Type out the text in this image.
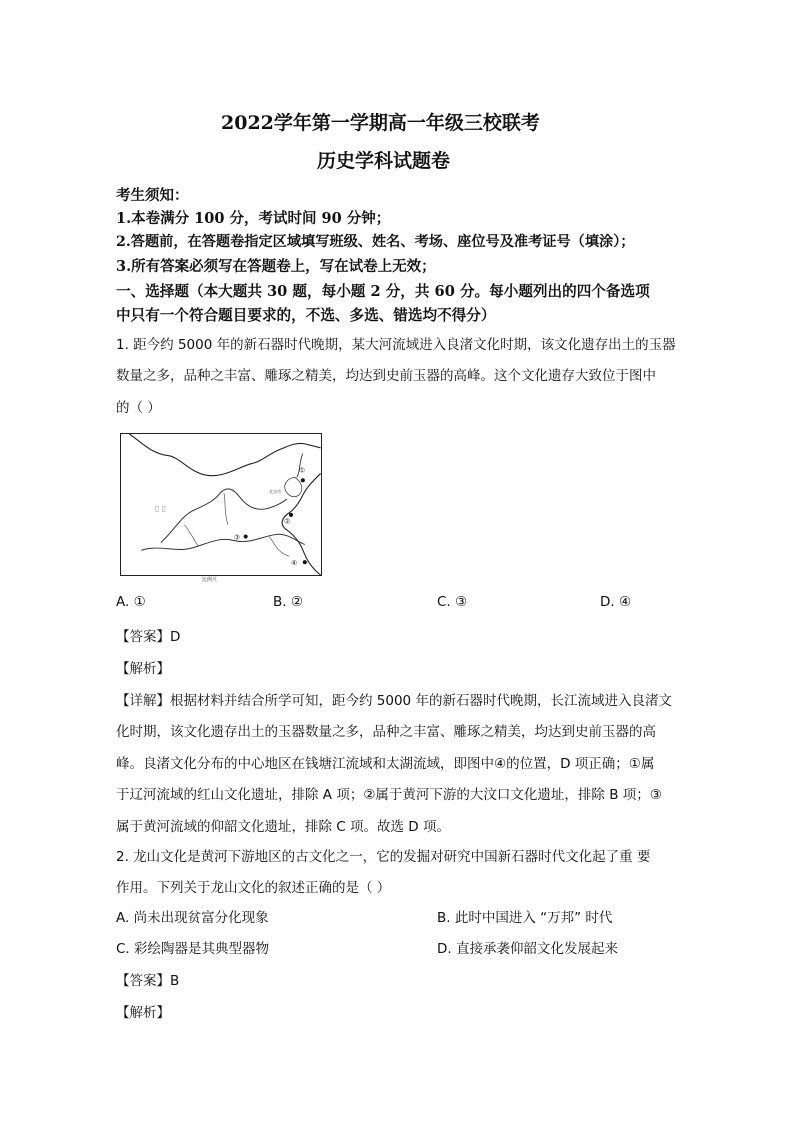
2022学年第一学期高一年级三校联考
历史学科试题卷
考生须知：
1.本卷满分 100 分，考试时间 90 分钟；
2.答题前，在答题卷指定区域填写班级、姓名、考场、座位号及准考证号（填涂）；
3.所有答案必须写在答题卷上，写在试卷上无效；
一、选择题（本大题共 30 题，每小题 2 分，共 60 分。每小题列出的四个备选项
中只有一个符合题目要求的，不选、多选、错选均不得分）
1. 距今约 5000 年的新石器时代晚期，某大河流域进入良渚文化时期，该文化遗存出土的玉器
数量之多，品种之丰富、雕琢之精美，均达到史前玉器的高峰。这个文化遗存大致位于图中
的（ ）
▯ ▯
北京市
①
②
③
④
比例尺
A. ①	B. ②	C. ③	D. ④
【答案】D
【解析】
【详解】根据材料并结合所学可知，距今约 5000 年的新石器时代晚期，长江流域进入良渚文
化时期，该文化遗存出土的玉器数量之多，品种之丰富、雕琢之精美，均达到史前玉器的高
峰。良渚文化分布的中心地区在钱塘江流域和太湖流域，即图中④的位置，D 项正确；①属
于辽河流域的红山文化遗址，排除 A 项；②属于黄河下游的大汶口文化遗址，排除 B 项；③
属于黄河流域的仰韶文化遗址，排除 C 项。故选 D 项。
2. 龙山文化是黄河下游地区的古文化之一，它的发掘对研究中国新石器时代文化起了重 要
作用。下列关于龙山文化的叙述正确的是（ ）
A. 尚未出现贫富分化现象	B. 此时中国进入 “万邦” 时代
C. 彩绘陶器是其典型器物	D. 直接承袭仰韶文化发展起来
【答案】B
【解析】
